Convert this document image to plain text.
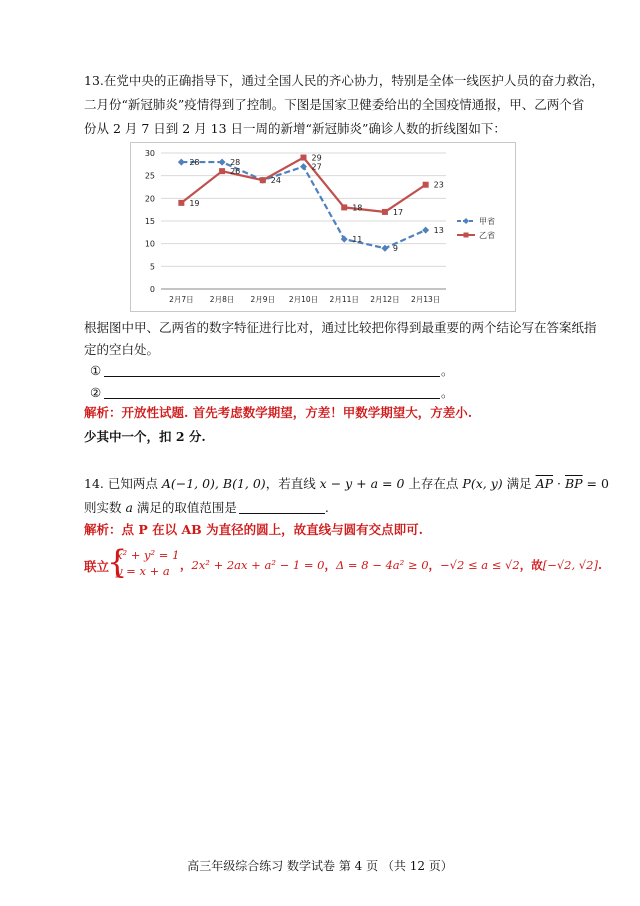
13.在党中央的正确指导下，通过全国人民的齐心协力，特别是全体一线医护人员的奋力救治，
二月份“新冠肺炎”疫情得到了控制。下图是国家卫健委给出的全国疫情通报，甲、乙两个省
份从 2 月 7 日到 2 月 13 日一周的新增“新冠肺炎”确诊人数的折线图如下：
0
5
10
15
20
25
30
2月7日 2月8日 2月9日 2月10日 2月11日 2月12日 2月13日
28	28
24
27
11
9
13
19
26
29
18
17
23
甲省
乙省
根据图中甲、乙两省的数字特征进行比对，通过比较把你得到最重要的两个结论写在答案纸指
定的空白处。
①	。
②	。
解析：开放性试题. 首先考虑数学期望，方差！甲数学期望大，方差小.
少其中一个，扣 2 分.
14. 已知两点 A(−1, 0), B(1, 0)，若直线 x − y + a = 0 上存在点 P(x, y) 满足 $\overline{AP} \cdot \overline{BP} = 0$
则实数 a 满足的取值范围是	.
解析：点 P 在以 AB 为直径的圆上，故直线与圆有交点即可.
联立
{
x² + y² = 1
y = x + a ，2x² + 2ax + a² − 1 = 0，Δ = 8 − 4a² ≥ 0，−√2 ≤ a ≤ √2，故[−√2, √2].
高三年级综合练习 数学试卷 第 4 页 （共 12 页）
